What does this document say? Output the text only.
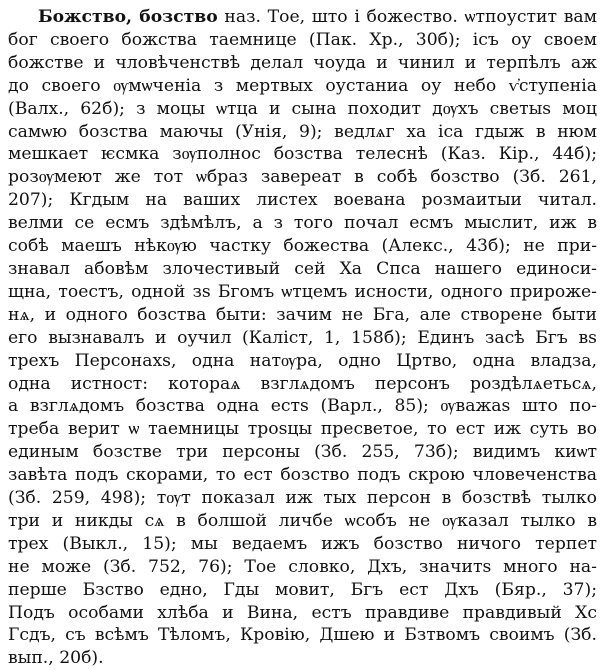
Божство, бозство наз. Тое, што і божество. ѡтпоустит вам
бог своего божства таемнице (Пак. Хр., 30б); ісъ оу своем
божстве и чловѣченствѣ делал чоуда и чинил и терпѣлъ аж
до своего ѹмѡченіа з мертвых оустаниа оу небо ѵ҆ступеніа
(Валх., 62б); з моцы ѡтца и сына походит дѹхъ светыѕ моц
самѡю бозства маючы (Унія, 9); ведлѧг ха іса гдыж в нюм
мешкает ѥсмка зѹполнос бозства телеснѣ (Каз. Кір., 44б);
розѹмеют же тот ѡбраз завереат в собѣ бозство (Зб. 261,
207); Кгдым на ваших листех воевана розмаитыи читал.
велми се есмъ здѣмѣлъ, а з того почал есмъ мыслит, иж в
собѣ маешъ нѣкѹю частку божества (Алекс., 43б); не при-
знавал абовѣм злочестивый сей Ха Спса нашего единоси-
щна, тоестъ, одной зѕ Бгомъ ѡтцемъ исности, одного прироже-
нѧ, и одного бозства быти: зачим не Бга, але створене быти
его вызнавалъ и оучил (Каліст, 1, 158б); Единъ засѣ Бгъ вѕ
трехъ Персонахѕ, одна натѹра, одно Цртво, одна владза,
одна истност: котораѧ взглѧдомъ персонъ роздѣлѧетьсѧ,
а взглѧдомъ бозства одна естѕ (Варл., 85); ѹважаѕ што по-
треба верит ѡ таемницы троѕцы пресветое, то ест иж суть во
единым бозстве три персоны (Зб. 255, 73б); видимъ киѡт
завѣта подъ скорами, то ест бозство подъ скрою чловеченства
(Зб. 259, 498); тѹт показал иж тых персон в бозствѣ тылко
три и никды сѧ в болшой личбе ѡсобъ не ѹказал тылко в
трех (Выкл., 15); мы ведаемъ ижъ бозство ничого терпет
не може (Зб. 752, 76); Тое словко, Дхъ, значитѕ много на-
перше Бзство едно, Гды мовит, Бгъ ест Дхъ (Бяр., 37);
Подъ особами хлѣба и Вина, естъ правдиве правдивый Хс
Гсдъ, съ всѣмъ Тѣломъ, Кровію, Дшею и Бзтвомъ своимъ (Зб.
вып., 20б).
